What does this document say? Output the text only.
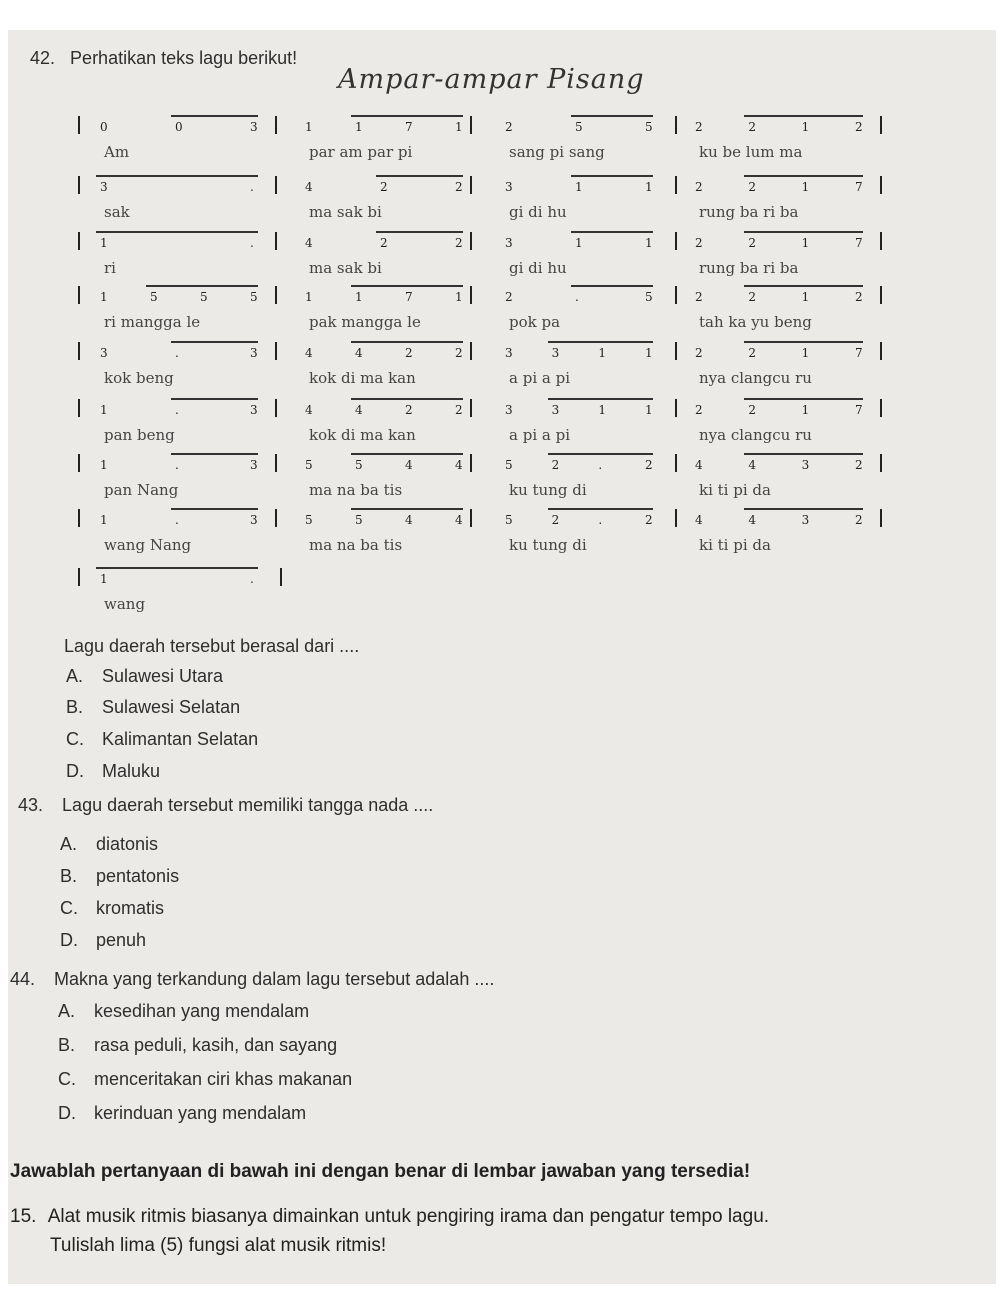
42. Perhatikan teks lagu berikut!
Ampar-ampar Pisang
0	0	3
Am
1	1	7	1
par am par pi
2	5	5
sang pi sang
2	2	1	2
ku be lum ma
3	.
sak
4	2	2
ma sak bi
3	1	1
gi di hu
2	2	1	7
rung ba ri ba
1	.
ri
4	2	2
ma sak bi
3	1	1
gi di hu
2	2	1	7
rung ba ri ba
1	5	5	5
ri mangga le
1	1	7	1
pak mangga le
2	.	5
pok pa
2	2	1	2
tah ka yu beng
3	.	3
kok beng
4	4	2	2
kok di ma kan
3	3	1	1
a pi a pi
2	2	1	7
nya clangcu ru
1	.	3
pan beng
4	4	2	2
kok di ma kan
3	3	1	1
a pi a pi
2	2	1	7
nya clangcu ru
1	.	3
pan Nang
5	5	4	4
ma na ba tis
5	2	.	2
ku tung di
4	4	3	2
ki ti pi da
1	.	3
wang Nang
5	5	4	4
ma na ba tis
5	2	.	2
ku tung di
4	4	3	2
ki ti pi da
1	.
wang
Lagu daerah tersebut berasal dari ....
A. Sulawesi Utara
B. Sulawesi Selatan
C. Kalimantan Selatan
D. Maluku
43. Lagu daerah tersebut memiliki tangga nada ....
A. diatonis
B. pentatonis
C. kromatis
D. penuh
44. Makna yang terkandung dalam lagu tersebut adalah ....
A. kesedihan yang mendalam
B. rasa peduli, kasih, dan sayang
C. menceritakan ciri khas makanan
D. kerinduan yang mendalam
Jawablah pertanyaan di bawah ini dengan benar di lembar jawaban yang tersedia!
15. Alat musik ritmis biasanya dimainkan untuk pengiring irama dan pengatur tempo lagu.
Tulislah lima (5) fungsi alat musik ritmis!
